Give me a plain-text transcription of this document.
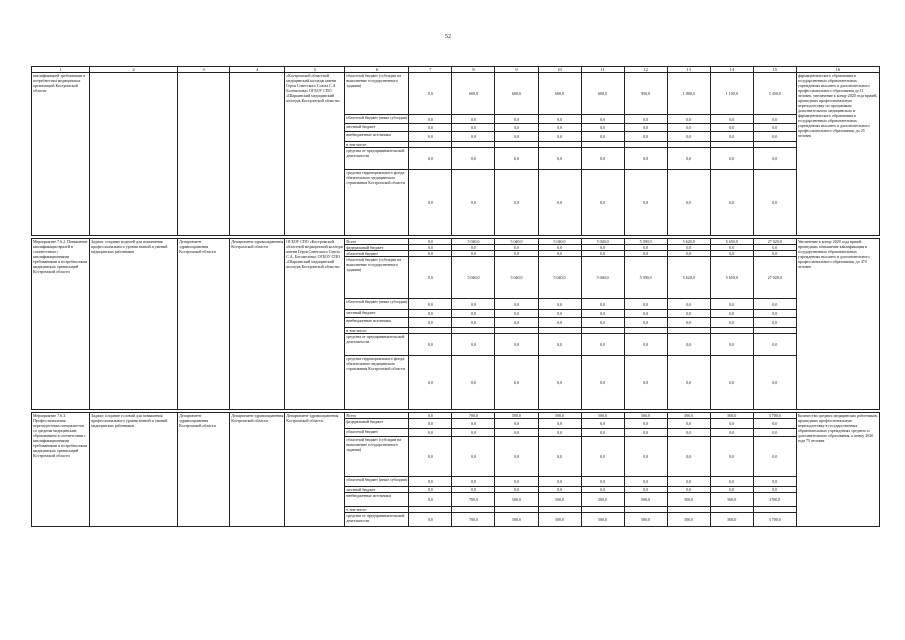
52
1	2	3	4	5	6	7	8	9	10	11	12	13	14	15	16
квалификацией требованиям и потребностям медицинских организаций Костромской области				«Костромской областной медицинский колледж имени Героя Советского Союза С.А. Богомолова» ОГБОУ СПО «Шарьинский медицинский колледж Костромской области»	областной бюджет (субсидии на выполнение государственного задания)	0,0	600,0	600,0	600,0	600,0	950,0	1 000,0	1 100,0	5 450,0	фармацевтического образования в государственных образовательных учреждениях высшего и дополнительного профессионального образования до 11 человек, увеличение к концу 2020 года врачей, прошедших профессиональную переподготовку по программам дополнительного медицинского и фармацевтического образования в государственных образовательных учреждениях высшего и дополнительного профессионального образования, до 25 человек
					областной бюджет (иные субсидии)	0,0	0,0	0,0	0,0	0,0	0,0	0,0	0,0	0,0	
					местный бюджет	0,0	0,0	0,0	0,0	0,0	0,0	0,0	0,0	0,0	
					внебюджетные источники	0,0	0,0	0,0	0,0	0,0	0,0	0,0	0,0	0,0	
					в том числе:										
					средства от предпринимательской деятельности	0,0	0,0	0,0	0,0	0,0	0,0	0,0	0,0	0,0	
					средства территориального фонда обязательного медицинского страхования Костромской области	0,0	0,0	0,0	0,0	0,0	0,0	0,0	0,0	0,0	

Мероприятие 7.6.2. Повышение квалификации врачей в соответствии с квалификационными требованиями и потребностями медицинских организаций Костромской области	Задачи: создание моделей для повышения профессионального уровня знаний и умений медицинских работников	Департамент здравоохранения Костромской области	Департамент здравоохранения Костромской области	ОГБОУ СПО «Костромской областной медицинский колледж имени Героя Советского Союза С.А. Богомолова» ОГБОУ СПО «Шарьинский медицинский колледж Костромской области»	Всего	0,0	5 040,0	5 040,0	5 040,0	5 040,0	5 390,0	5 620,0	5 650,0	27 020,0	Увеличение к концу 2020 года врачей, прошедших повышение квалификации в государственных образовательных учреждениях высшего и дополнительного профессионального образования, до 470 человек
					федеральный бюджет	0,0	0,0	0,0	0,0	0,0	0,0	0,0	0,0	0,0	
					областной бюджет	0,0	0,0	0,0	0,0	0,0	0,0	0,0	0,0	0,0	
					областной бюджет (субсидии на выполнение государственного задания)	0,0	5 040,0	5 040,0	5 040,0	5 040,0	5 390,0	5 620,0	5 650,0	27 020,0	
					областной бюджет (иные субсидии)	0,0	0,0	0,0	0,0	0,0	0,0	0,0	0,0	0,0	
					местный бюджет	0,0	0,0	0,0	0,0	0,0	0,0	0,0	0,0	0,0	
					внебюджетные источники	0,0	0,0	0,0	0,0	0,0	0,0	0,0	0,0	0,0	
					в том числе:										
					средства от предпринимательской деятельности	0,0	0,0	0,0	0,0	0,0	0,0	0,0	0,0	0,0	
					средства территориального фонда обязательного медицинского страхования Костромской области	0,0	0,0	0,0	0,0	0,0	0,0	0,0	0,0	0,0	

Мероприятие 7.6.3. Профессиональная переподготовка специалистов со средним медицинским образованием в соответствии с квалификационными требованиями и потребностями медицинских организаций Костромской области	Задачи: создание условий для повышения профессионального уровня знаний и умений медицинских работников	Департамент здравоохранения Костромской области	Департамент здравоохранения Костромской области	Департамент здравоохранения Костромской области	Всего	0,0	700,0	500,0	500,0	500,0	500,0	500,0	500,0	3 700,0	Количество средних медицинских работников, прошедших профессиональную переподготовку в государственных образовательных учреждениях среднего и дополнительного образования, к концу 2020 года 75 человек
					федеральный бюджет	0,0	0,0	0,0	0,0	0,0	0,0	0,0	0,0	0,0	
					областной бюджет	0,0	0,0	0,0	0,0	0,0	0,0	0,0	0,0	0,0	
					областной бюджет (субсидии на выполнение государственного задания)	0,0	0,0	0,0	0,0	0,0	0,0	0,0	0,0	0,0	
					областной бюджет (иные субсидии)	0,0	0,0	0,0	0,0	0,0	0,0	0,0	0,0	0,0	
					местный бюджет	0,0	0,0	0,0	0,0	0,0	0,0	0,0	0,0	0,0	
					внебюджетные источники	0,0	700,0	500,0	500,0	500,0	500,0	500,0	500,0	3700,0	
					в том числе:										
					средства от предпринимательской деятельности	0,0	700,0	500,0	500,0	500,0	500,0	500,0	500,0	3 700,0	
